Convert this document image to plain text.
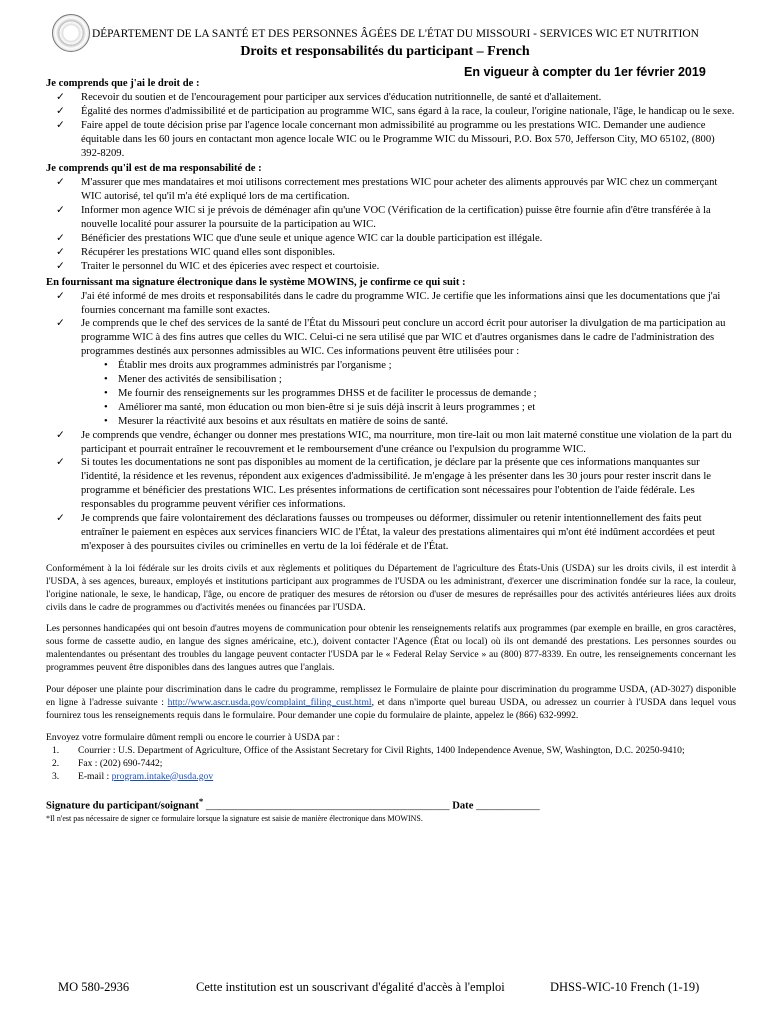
DÉPARTEMENT DE LA SANTÉ ET DES PERSONNES ÂGÉES DE L'ÉTAT DU MISSOURI - SERVICES WIC ET NUTRITION
Droits et responsabilités du participant – French
En vigueur à compter du 1er février 2019
Je comprends que j'ai le droit de :
✓ Recevoir du soutien et de l'encouragement pour participer aux services d'éducation nutritionnelle, de santé et d'allaitement.
✓ Égalité des normes d'admissibilité et de participation au programme WIC, sans égard à la race, la couleur, l'origine nationale, l'âge, le handicap ou le sexe.
✓ Faire appel de toute décision prise par l'agence locale concernant mon admissibilité au programme ou les prestations WIC. Demander une audience équitable dans les 60 jours en contactant mon agence locale WIC ou le Programme WIC du Missouri, P.O. Box 570, Jefferson City, MO 65102, (800) 392-8209.
Je comprends qu'il est de ma responsabilité de :
✓ M'assurer que mes mandataires et moi utilisons correctement mes prestations WIC pour acheter des aliments approuvés par WIC chez un commerçant WIC autorisé, tel qu'il m'a été expliqué lors de ma certification.
✓ Informer mon agence WIC si je prévois de déménager afin qu'une VOC (Vérification de la certification) puisse être fournie afin d'être transférée à la nouvelle localité pour assurer la poursuite de la participation au WIC.
✓ Bénéficier des prestations WIC que d'une seule et unique agence WIC car la double participation est illégale.
✓ Récupérer les prestations WIC quand elles sont disponibles.
✓ Traiter le personnel du WIC et des épiceries avec respect et courtoisie.
En fournissant ma signature électronique dans le système MOWINS, je confirme ce qui suit :
✓ J'ai été informé de mes droits et responsabilités dans le cadre du programme WIC. Je certifie que les informations ainsi que les documentations que j'ai fournies concernant ma famille sont exactes.
✓ Je comprends que le chef des services de la santé de l'État du Missouri peut conclure un accord écrit pour autoriser la divulgation de ma participation au programme WIC à des fins autres que celles du WIC. Celui-ci ne sera utilisé que par WIC et d'autres organismes dans le cadre de l'administration des programmes destinés aux personnes admissibles au WIC. Ces informations peuvent être utilisées pour :
• Établir mes droits aux programmes administrés par l'organisme ;
• Mener des activités de sensibilisation ;
• Me fournir des renseignements sur les programmes DHSS et de faciliter le processus de demande ;
• Améliorer ma santé, mon éducation ou mon bien-être si je suis déjà inscrit à leurs programmes ; et
• Mesurer la réactivité aux besoins et aux résultats en matière de soins de santé.
✓ Je comprends que vendre, échanger ou donner mes prestations WIC, ma nourriture, mon tire-lait ou mon lait materné constitue une violation de la part du participant et pourrait entraîner le recouvrement et le remboursement d'une créance ou l'expulsion du programme WIC.
✓ Si toutes les documentations ne sont pas disponibles au moment de la certification, je déclare par la présente que ces informations manquantes sur l'identité, la résidence et les revenus, répondent aux exigences d'admissibilité. Je m'engage à les présenter dans les 30 jours pour rester inscrit dans le programme et bénéficier des prestations WIC. Les présentes informations de certification sont nécessaires pour l'obtention de l'aide fédérale. Les responsables du programme peuvent vérifier ces informations.
✓ Je comprends que faire volontairement des déclarations fausses ou trompeuses ou déformer, dissimuler ou retenir intentionnellement des faits peut entraîner le paiement en espèces aux services financiers WIC de l'État, la valeur des prestations alimentaires qui m'ont été indûment accordées et peut m'exposer à des poursuites civiles ou criminelles en vertu de la loi fédérale et de l'État.
Conformément à la loi fédérale sur les droits civils et aux règlements et politiques du Département de l'agriculture des États-Unis (USDA) sur les droits civils, il est interdit à l'USDA, à ses agences, bureaux, employés et institutions participant aux programmes de l'USDA ou les administrant, d'exercer une discrimination fondée sur la race, la couleur, l'origine nationale, le sexe, le handicap, l'âge, ou encore de pratiquer des mesures de rétorsion ou d'user de mesures de représailles pour des activités antérieures liées aux droits civils dans le cadre de programmes ou d'activités menées ou financées par l'USDA.
Les personnes handicapées qui ont besoin d'autres moyens de communication pour obtenir les renseignements relatifs aux programmes (par exemple en braille, en gros caractères, sous forme de cassette audio, en langue des signes américaine, etc.), doivent contacter l'Agence (État ou local) où ils ont demandé des prestations. Les personnes sourdes ou malentendantes ou présentant des troubles du langage peuvent contacter l'USDA par le « Federal Relay Service » au (800) 877-8339. En outre, les renseignements concernant les programmes peuvent être disponibles dans des langues autres que l'anglais.
Pour déposer une plainte pour discrimination dans le cadre du programme, remplissez le Formulaire de plainte pour discrimination du programme USDA, (AD-3027) disponible en ligne à l'adresse suivante : http://www.ascr.usda.gov/complaint_filing_cust.html, et dans n'importe quel bureau USDA, ou adressez un courrier à l'USDA dans lequel vous fournirez tous les renseignements requis dans le formulaire. Pour demander une copie du formulaire de plainte, appelez le (866) 632-9992.
Envoyez votre formulaire dûment rempli ou encore le courrier à USDA par :
1. Courrier : U.S. Department of Agriculture, Office of the Assistant Secretary for Civil Rights, 1400 Independence Avenue, SW, Washington, D.C. 20250-9410;
2. Fax : (202) 690-7442;
3. E-mail : program.intake@usda.gov
Signature du participant/soignant* ______________________________________________ Date ____________
*Il n'est pas nécessaire de signer ce formulaire lorsque la signature est saisie de manière électronique dans MOWINS.
MO 580-2936	Cette institution est un souscrivant d'égalité d'accès à l'emploi	DHSS-WIC-10 French (1-19)
